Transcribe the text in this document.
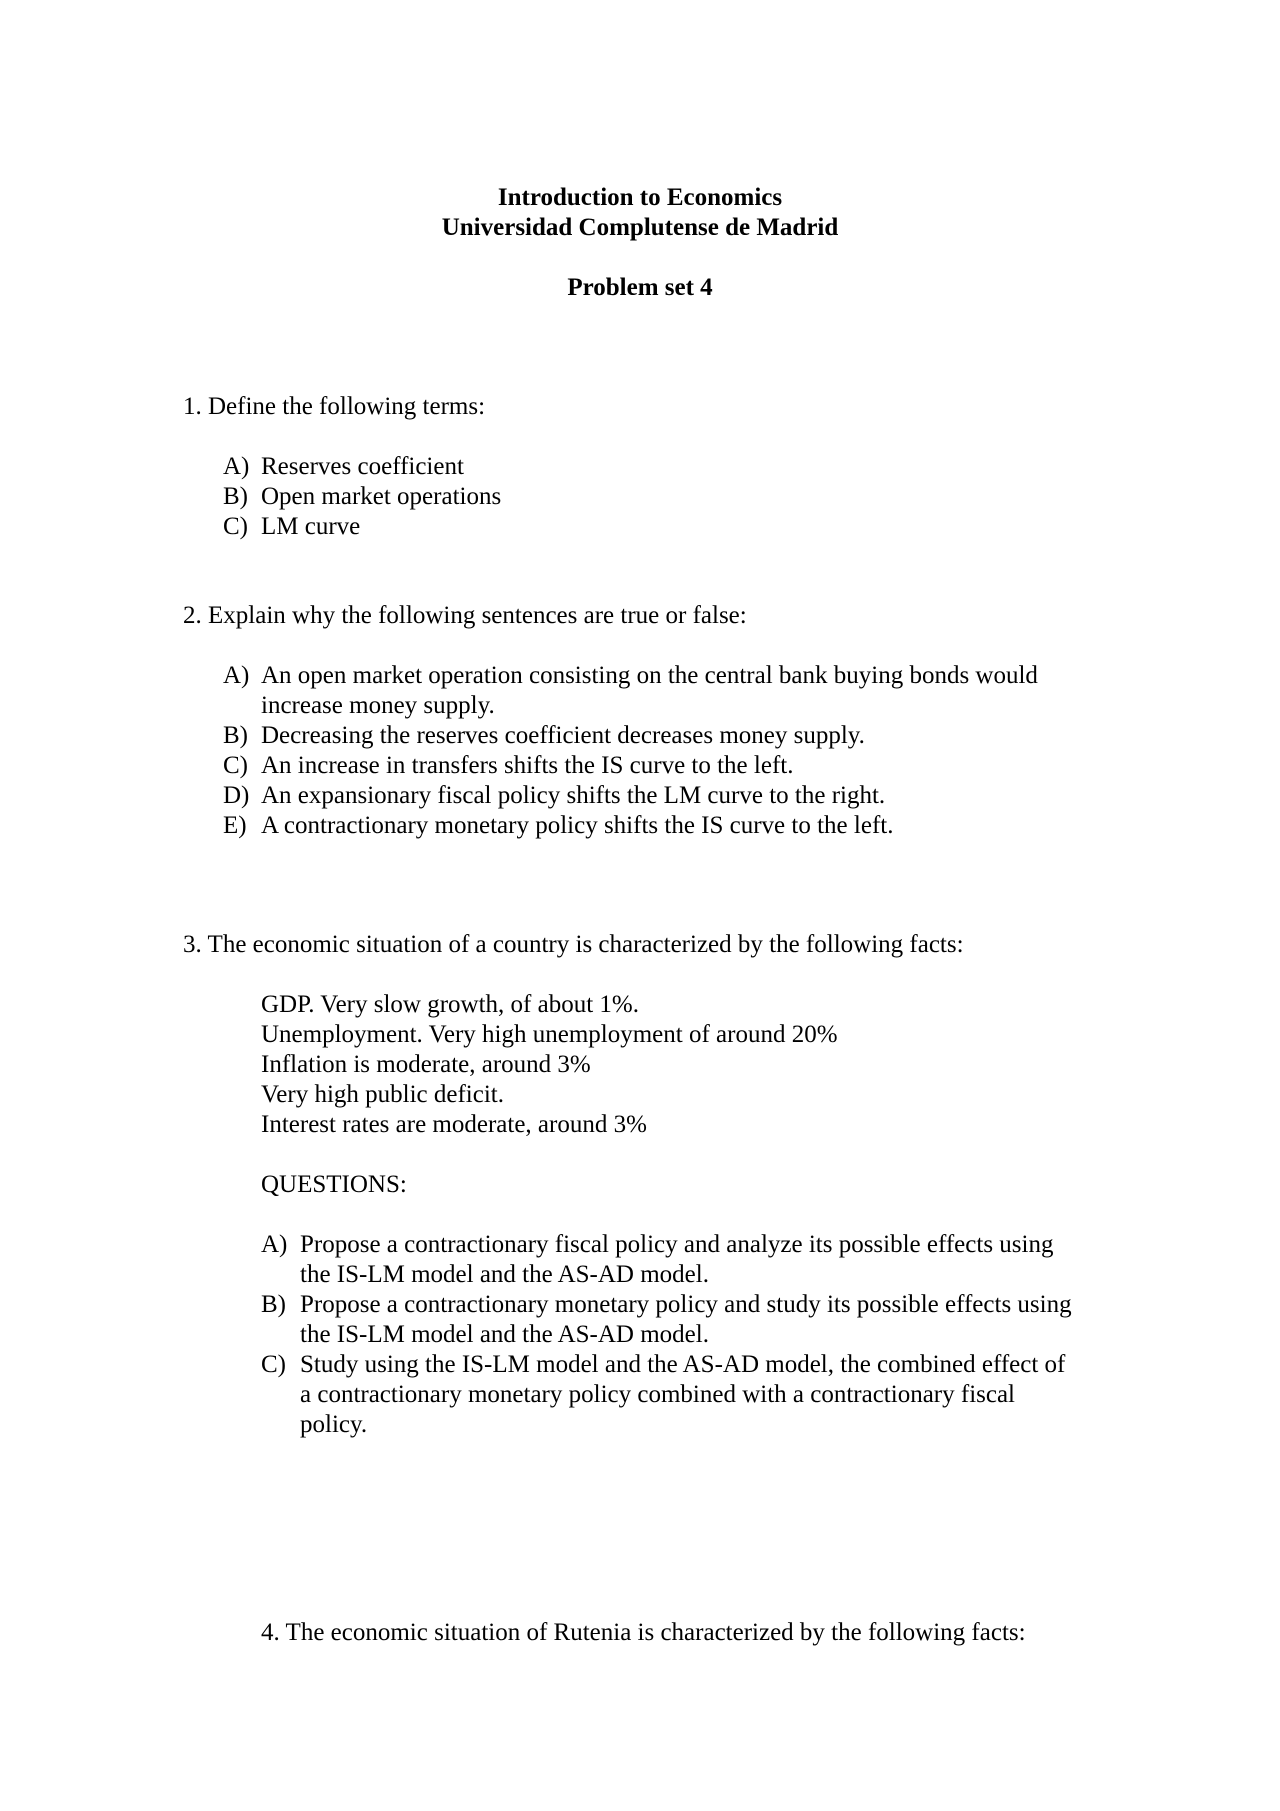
Introduction to Economics
Universidad Complutense de Madrid
Problem set 4
1. Define the following terms:
A) Reserves coefficient
B) Open market operations
C) LM curve
2. Explain why the following sentences are true or false:
A) An open market operation consisting on the central bank buying bonds would
increase money supply.
B) Decreasing the reserves coefficient decreases money supply.
C) An increase in transfers shifts the IS curve to the left.
D) An expansionary fiscal policy shifts the LM curve to the right.
E) A contractionary monetary policy shifts the IS curve to the left.
3. The economic situation of a country is characterized by the following facts:
GDP. Very slow growth, of about 1%.
Unemployment. Very high unemployment of around 20%
Inflation is moderate, around 3%
Very high public deficit.
Interest rates are moderate, around 3%
QUESTIONS:
A) Propose a contractionary fiscal policy and analyze its possible effects using
the IS-LM model and the AS-AD model.
B) Propose a contractionary monetary policy and study its possible effects using
the IS-LM model and the AS-AD model.
C) Study using the IS-LM model and the AS-AD model, the combined effect of
a contractionary monetary policy combined with a contractionary fiscal
policy.
4. The economic situation of Rutenia is characterized by the following facts:
